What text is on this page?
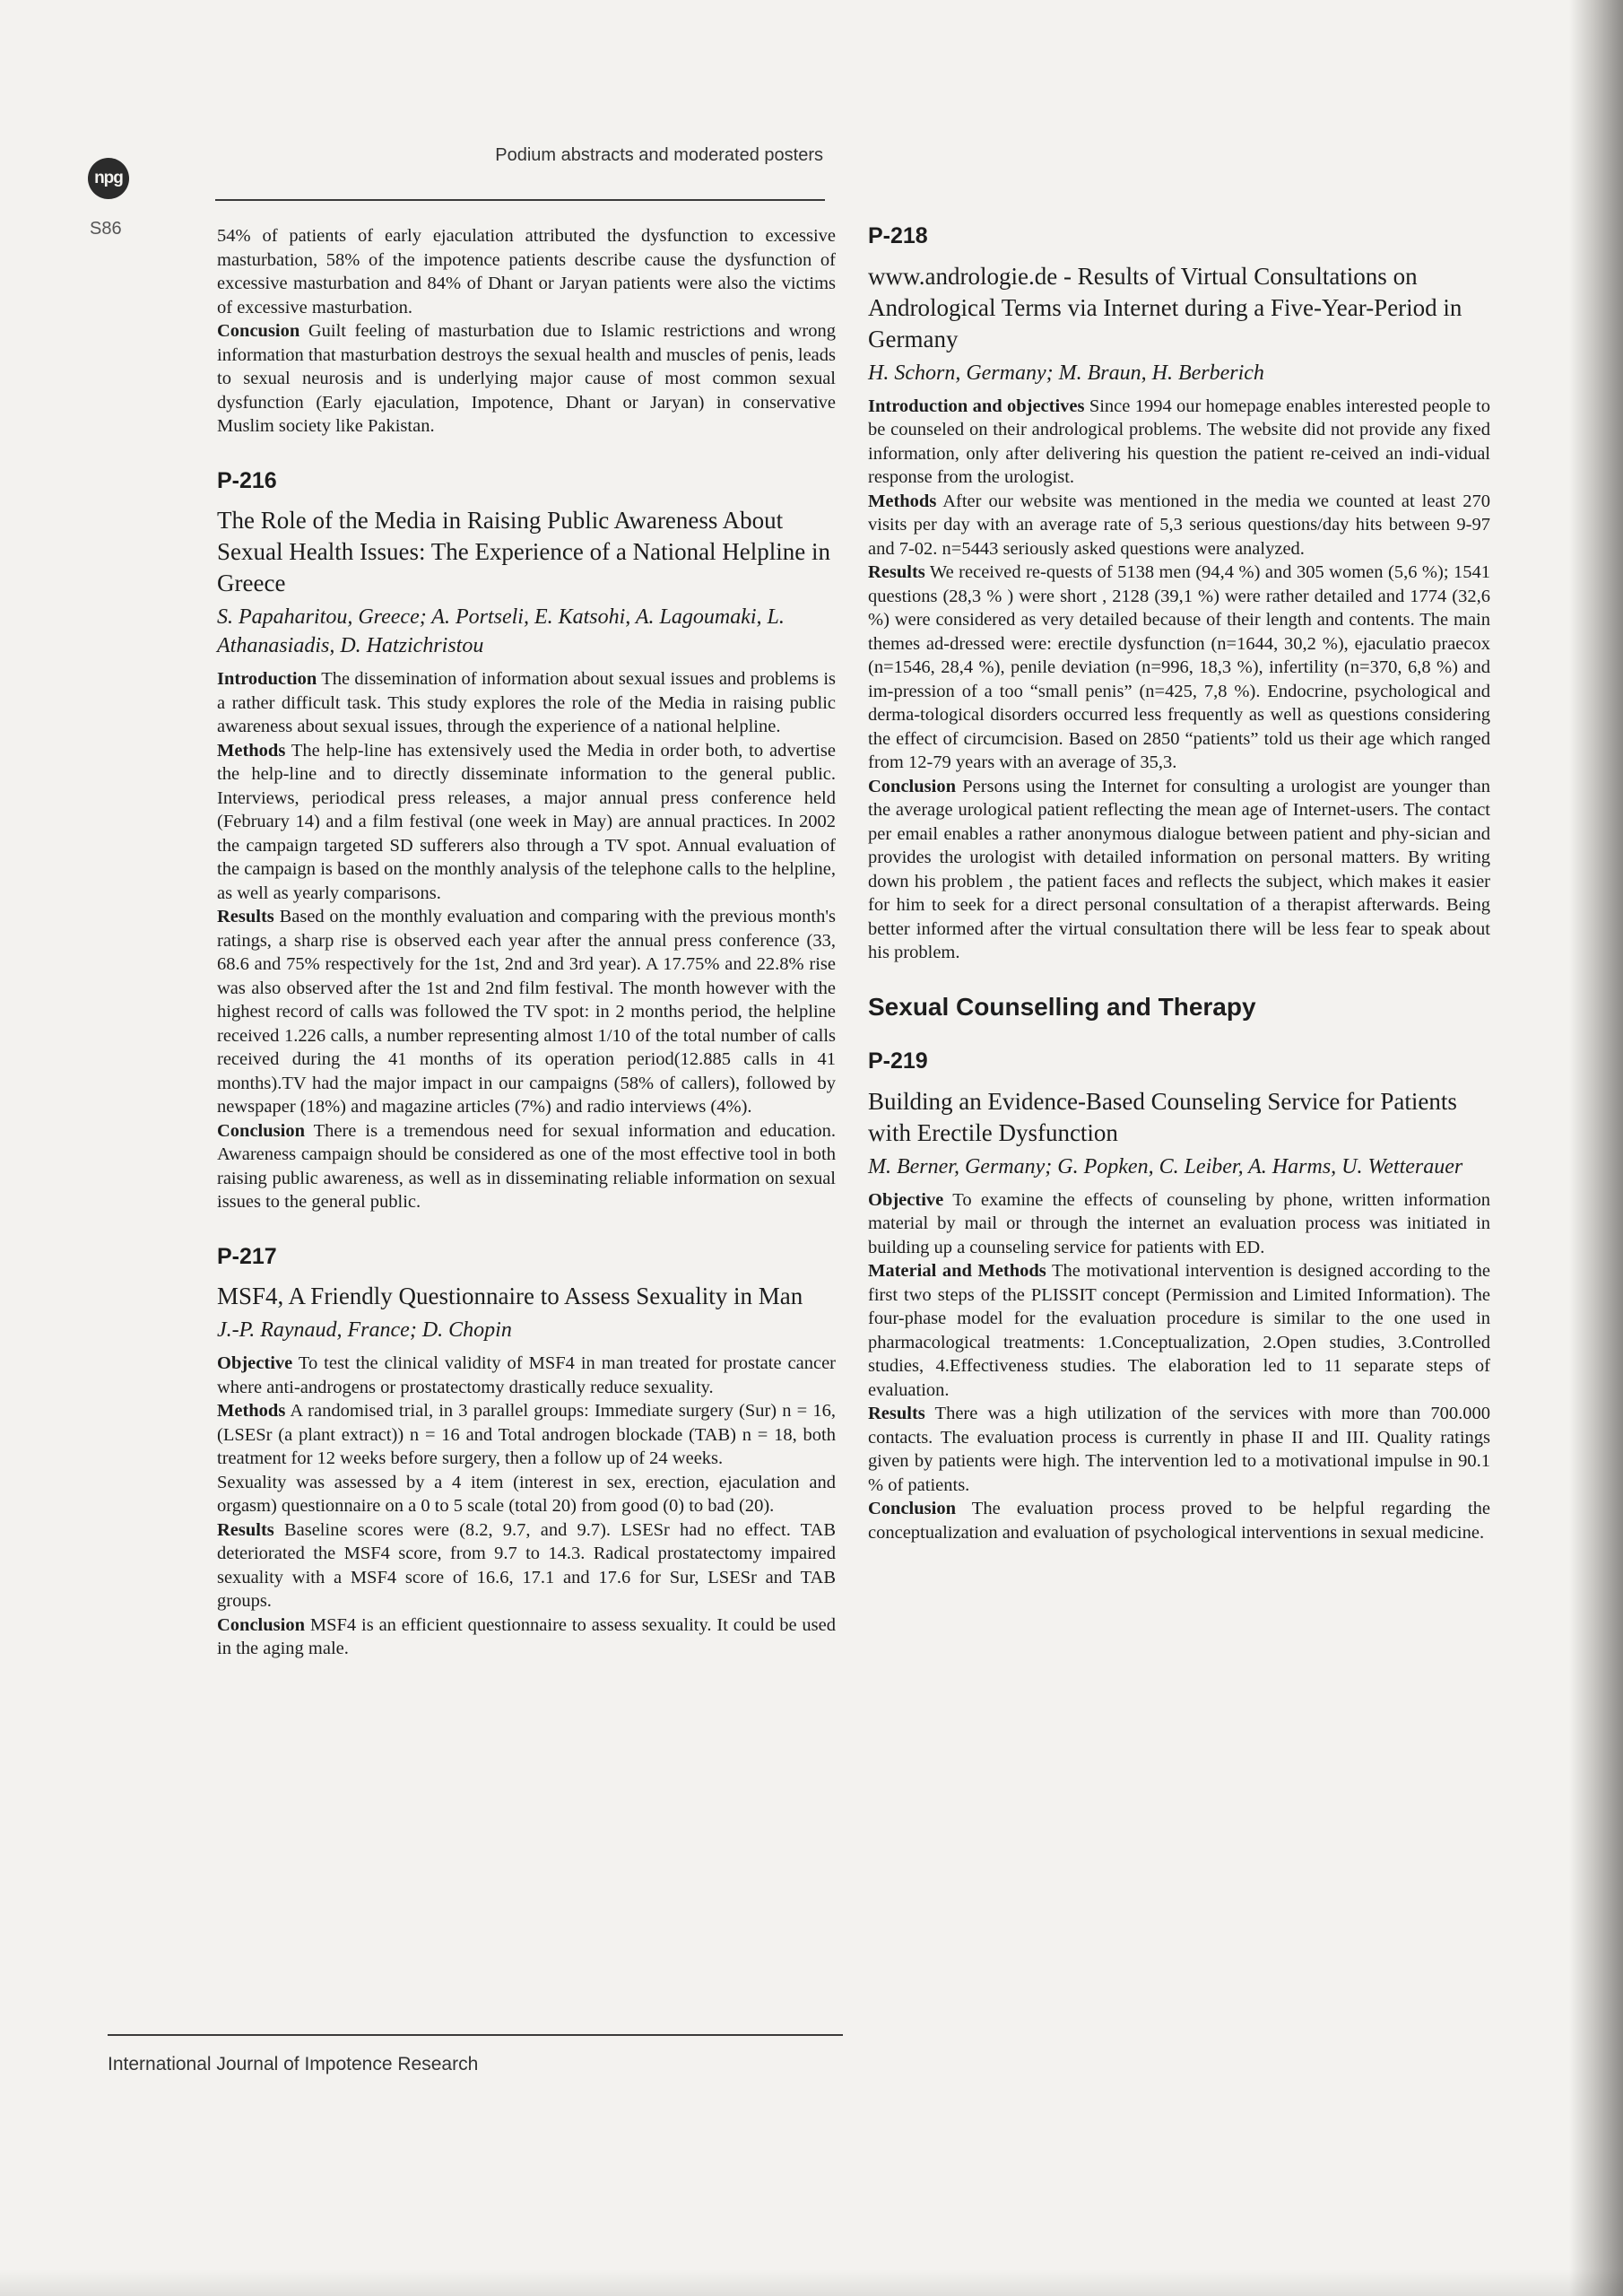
npg
S86
Podium abstracts and moderated posters

54% of patients of early ejaculation attributed the dysfunction to excessive masturbation, 58% of the impotence patients describe cause the dysfunction of excessive masturbation and 84% of Dhant or Jaryan patients were also the victims of excessive masturbation.

Concusion Guilt feeling of masturbation due to Islamic restrictions and wrong information that masturbation destroys the sexual health and muscles of penis, leads to sexual neurosis and is underlying major cause of most common sexual dysfunction (Early ejaculation, Impotence, Dhant or Jaryan) in conservative Muslim society like Pakistan.

P-216
The Role of the Media in Raising Public Awareness About Sexual Health Issues: The Experience of a National Helpline in Greece
S. Papaharitou, Greece; A. Portseli, E. Katsohi, A. Lagoumaki, L. Athanasiadis, D. Hatzichristou

Introduction The dissemination of information about sexual issues and problems is a rather difficult task. This study explores the role of the Media in raising public awareness about sexual issues, through the experience of a national helpline.

Methods The help-line has extensively used the Media in order both, to advertise the help-line and to directly disseminate information to the general public. Interviews, periodical press releases, a major annual press conference held (February 14) and a film festival (one week in May) are annual practices. In 2002 the campaign targeted SD sufferers also through a TV spot. Annual evaluation of the campaign is based on the monthly analysis of the telephone calls to the helpline, as well as yearly comparisons.

Results Based on the monthly evaluation and comparing with the previous month's ratings, a sharp rise is observed each year after the annual press conference (33, 68.6 and 75% respectively for the 1st, 2nd and 3rd year). A 17.75% and 22.8% rise was also observed after the 1st and 2nd film festival. The month however with the highest record of calls was followed the TV spot: in 2 months period, the helpline received 1.226 calls, a number representing almost 1/10 of the total number of calls received during the 41 months of its operation period(12.885 calls in 41 months).TV had the major impact in our campaigns (58% of callers), followed by newspaper (18%) and magazine articles (7%) and radio interviews (4%).

Conclusion There is a tremendous need for sexual information and education. Awareness campaign should be considered as one of the most effective tool in both raising public awareness, as well as in disseminating reliable information on sexual issues to the general public.

P-217
MSF4, A Friendly Questionnaire to Assess Sexuality in Man
J.-P. Raynaud, France; D. Chopin

Objective To test the clinical validity of MSF4 in man treated for prostate cancer where anti-androgens or prostatectomy drastically reduce sexuality.

Methods A randomised trial, in 3 parallel groups: Immediate surgery (Sur) n = 16, (LSESr (a plant extract)) n = 16 and Total androgen blockade (TAB) n = 18, both treatment for 12 weeks before surgery, then a follow up of 24 weeks.

Sexuality was assessed by a 4 item (interest in sex, erection, ejaculation and orgasm) questionnaire on a 0 to 5 scale (total 20) from good (0) to bad (20).

Results Baseline scores were (8.2, 9.7, and 9.7). LSESr had no effect. TAB deteriorated the MSF4 score, from 9.7 to 14.3. Radical prostatectomy impaired sexuality with a MSF4 score of 16.6, 17.1 and 17.6 for Sur, LSESr and TAB groups.

Conclusion MSF4 is an efficient questionnaire to assess sexuality. It could be used in the aging male.

P-218
www.andrologie.de - Results of Virtual Consultations on Andrological Terms via Internet during a Five-Year-Period in Germany
H. Schorn, Germany; M. Braun, H. Berberich

Introduction and objectives Since 1994 our homepage enables interested people to be counseled on their andrological problems. The website did not provide any fixed information, only after delivering his question the patient re-ceived an indi-vidual response from the urologist.

Methods After our website was mentioned in the media we counted at least 270 visits per day with an average rate of 5,3 serious questions/day hits between 9-97 and 7-02. n=5443 seriously asked questions were analyzed.

Results We received re-quests of 5138 men (94,4 %) and 305 women (5,6 %); 1541 questions (28,3 % ) were short , 2128 (39,1 %) were rather detailed and 1774 (32,6 %) were considered as very detailed because of their length and contents. The main themes ad-dressed were: erectile dysfunction (n=1644, 30,2 %), ejaculatio praecox (n=1546, 28,4 %), penile deviation (n=996, 18,3 %), infertility (n=370, 6,8 %) and im-pression of a too “small penis” (n=425, 7,8 %). Endocrine, psychological and derma-tological disorders occurred less frequently as well as questions considering the effect of circumcision. Based on 2850 “patients” told us their age which ranged from 12-79 years with an average of 35,3.

Conclusion Persons using the Internet for consulting a urologist are younger than the average urological patient reflecting the mean age of Internet-users. The contact per email enables a rather anonymous dialogue between patient and phy-sician and provides the urologist with detailed information on personal matters. By writing down his problem , the patient faces and reflects the subject, which makes it easier for him to seek for a direct personal consultation of a therapist afterwards. Being better informed after the virtual consultation there will be less fear to speak about his problem.

Sexual Counselling and Therapy
P-219
Building an Evidence-Based Counseling Service for Patients with Erectile Dysfunction
M. Berner, Germany; G. Popken, C. Leiber, A. Harms, U. Wetterauer

Objective To examine the effects of counseling by phone, written information material by mail or through the internet an evaluation process was initiated in building up a counseling service for patients with ED.

Material and Methods The motivational intervention is designed according to the first two steps of the PLISSIT concept (Permission and Limited Information). The four-phase model for the evaluation procedure is similar to the one used in pharmacological treatments: 1.Conceptualization, 2.Open studies, 3.Controlled studies, 4.Effectiveness studies. The elaboration led to 11 separate steps of evaluation.

Results There was a high utilization of the services with more than 700.000 contacts. The evaluation process is currently in phase II and III. Quality ratings given by patients were high. The intervention led to a motivational impulse in 90.1 % of patients.

Conclusion The evaluation process proved to be helpful regarding the conceptualization and evaluation of psychological interventions in sexual medicine.

International Journal of Impotence Research
